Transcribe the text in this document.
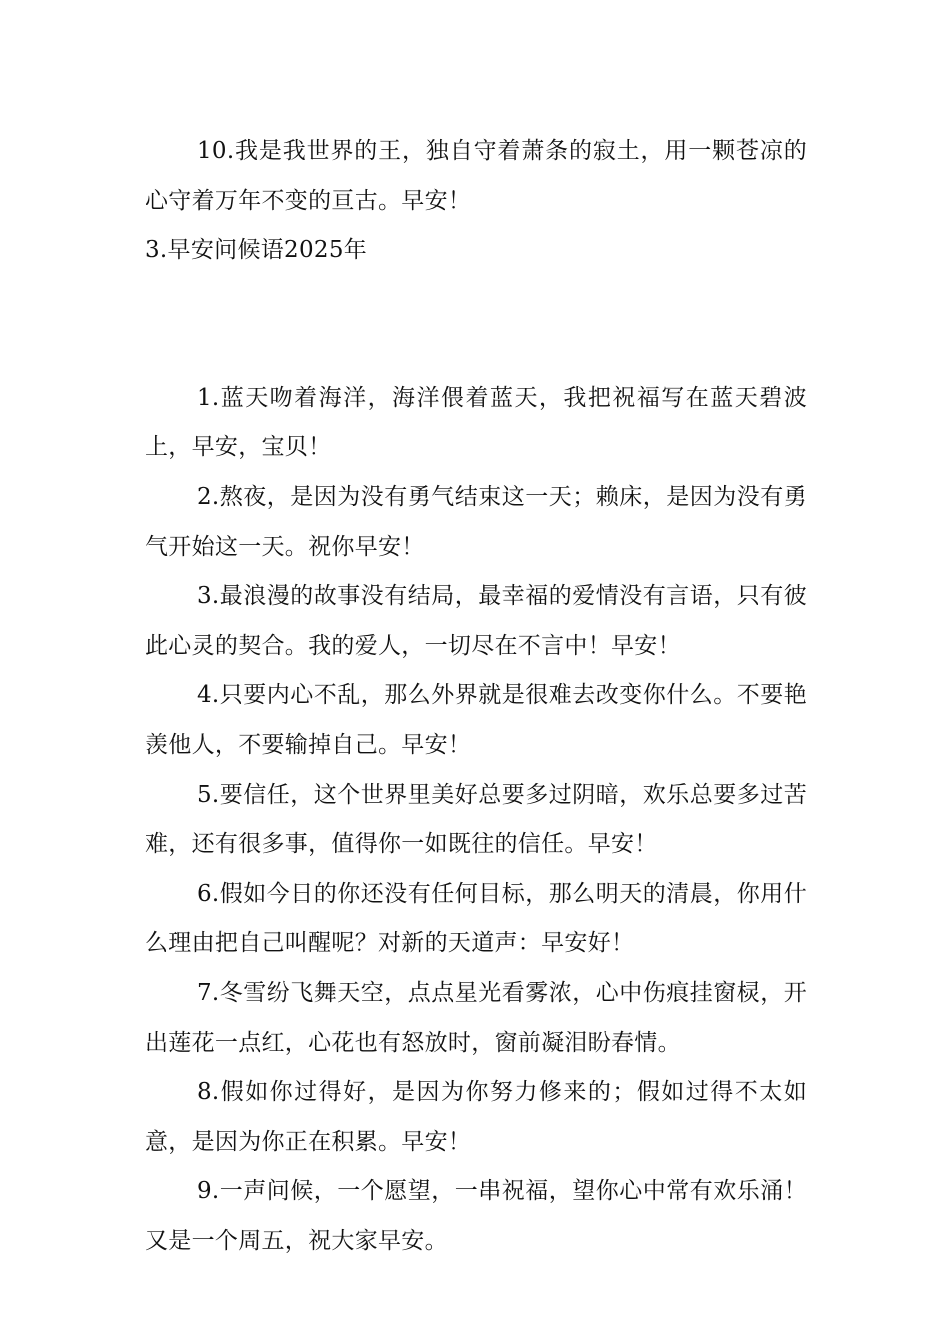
10.我是我世界的王，独自守着萧条的寂土，用一颗苍凉的心守着万年不变的亘古。早安！

3.早安问候语2025年

1.蓝天吻着海洋，海洋偎着蓝天，我把祝福写在蓝天碧波上，早安，宝贝！

2.熬夜，是因为没有勇气结束这一天；赖床，是因为没有勇气开始这一天。祝你早安！

3.最浪漫的故事没有结局，最幸福的爱情没有言语，只有彼此心灵的契合。我的爱人，一切尽在不言中！早安！

4.只要内心不乱，那么外界就是很难去改变你什么。不要艳羡他人，不要输掉自己。早安！

5.要信任，这个世界里美好总要多过阴暗，欢乐总要多过苦难，还有很多事，值得你一如既往的信任。早安！

6.假如今日的你还没有任何目标，那么明天的清晨，你用什么理由把自己叫醒呢？对新的天道声：早安好！

7.冬雪纷飞舞天空，点点星光看雾浓，心中伤痕挂窗棂，开出莲花一点红，心花也有怒放时，窗前凝泪盼春情。

8.假如你过得好，是因为你努力修来的；假如过得不太如意，是因为你正在积累。早安！

9.一声问候，一个愿望，一串祝福，望你心中常有欢乐涌！又是一个周五，祝大家早安。
